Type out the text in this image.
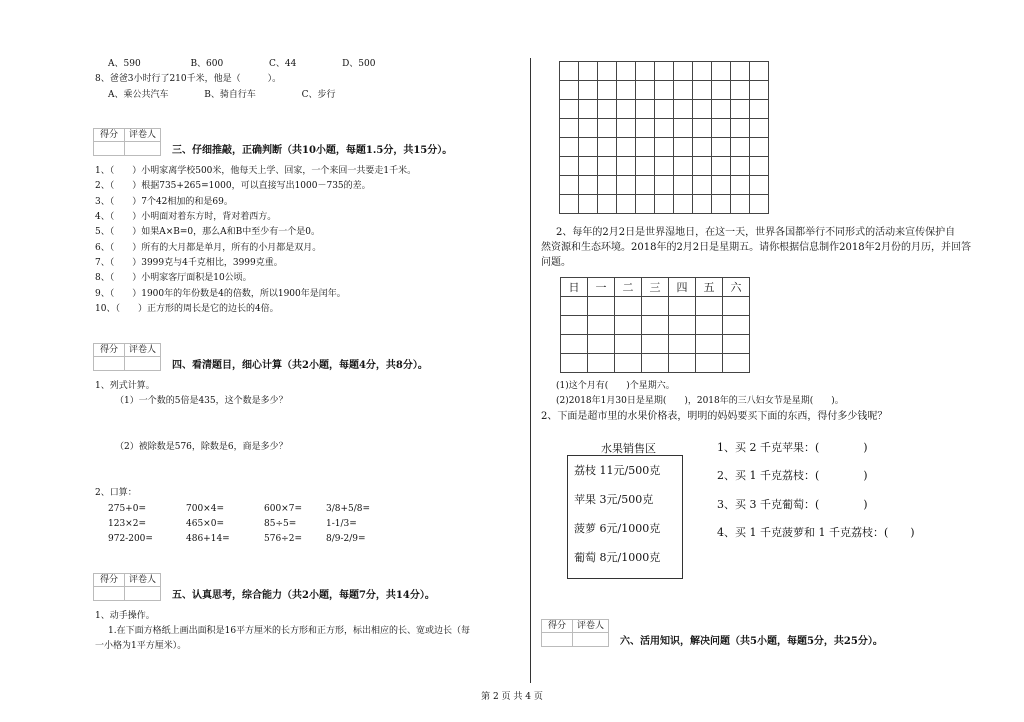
A、590	B、600	C、44	D、500
8、爸爸3小时行了210千米，他是（　　　）。
A、乘公共汽车	B、骑自行车	C、步行
得分	评卷人
三、仔细推敲，正确判断（共10小题，每题1.5分，共15分）。
1、（　　）小明家离学校500米，他每天上学、回家，一个来回一共要走1千米。
2、（　　）根据735+265=1000，可以直接写出1000－735的差。
3、（　　）7个42相加的和是69。
4、（　　）小明面对着东方时，背对着西方。
5、（　　）如果A×B=0，那么A和B中至少有一个是0。
6、（　　）所有的大月都是单月，所有的小月都是双月。
7、（　　）3999克与4千克相比，3999克重。
8、（　　）小明家客厅面积是10公顷。
9、（　　）1900年的年份数是4的倍数，所以1900年是闰年。
10、（　　）正方形的周长是它的边长的4倍。
得分	评卷人
四、看清题目，细心计算（共2小题，每题4分，共8分）。
1、列式计算。
（1）一个数的5倍是435，这个数是多少？
（2）被除数是576，除数是6，商是多少？
2、口算：
275+0=	700×4=	600×7=	3/8+5/8=
123×2=	465×0=	85÷5=	1-1/3=
972-200=	486+14=	576÷2=	8/9-2/9=
得分	评卷人
五、认真思考，综合能力（共2小题，每题7分，共14分）。
1、动手操作。
1.在下面方格纸上画出面积是16平方厘米的长方形和正方形，标出相应的长、宽或边长（每
一小格为1平方厘米）。

2、每年的2月2日是世界湿地日，在这一天，世界各国都举行不同形式的活动来宣传保护自
然资源和生态环境。2018年的2月2日是星期五。请你根据信息制作2018年2月份的月历，并回答
问题。
日	一	二	三	四	五	六

(1)这个月有(　　)个星期六。
(2)2018年1月30日是星期(　　)，2018年的三八妇女节是星期(　　)。
2、下面是超市里的水果价格表，明明的妈妈要买下面的东西，得付多少钱呢？
水果销售区
荔枝 11元/500克
苹果 3元/500克
菠萝 6元/1000克
葡萄 8元/1000克
1、买 2 千克苹果：(　　　　)
2、买 1 千克荔枝：(　　　　)
3、买 3 千克葡萄：(　　　　)
4、买 1 千克菠萝和 1 千克荔枝：(　　)
得分	评卷人
六、活用知识，解决问题（共5小题，每题5分，共25分）。
第 2 页 共 4 页
